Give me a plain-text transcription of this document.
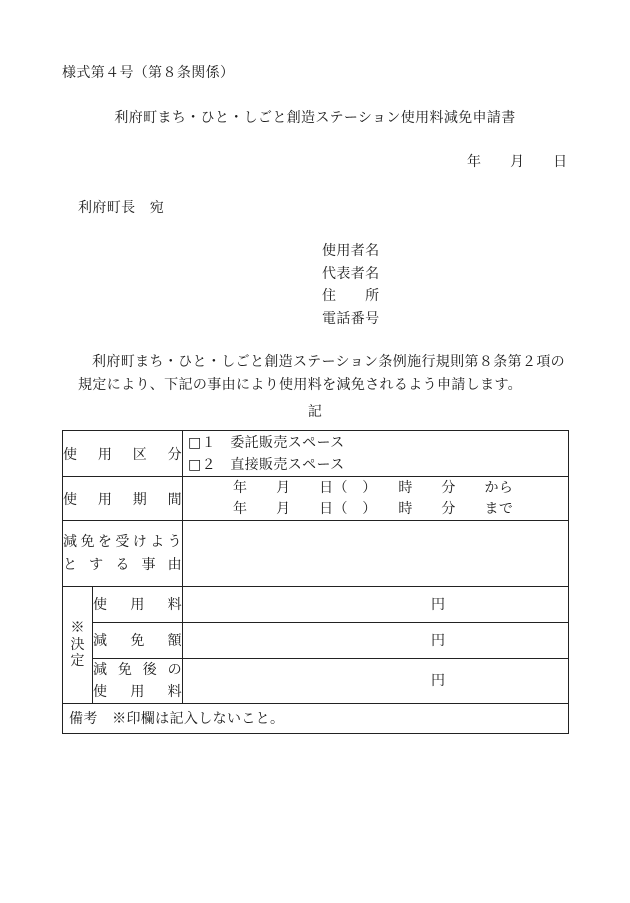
様式第４号（第８条関係）
利府町まち・ひと・しごと創造ステーション使用料減免申請書
年　　月　　日
利府町長　宛
使用者名
代表者名
住　　所
電話番号
利府町まち・ひと・しごと創造ステーション条例施行規則第８条第２項の
規定により、下記の事由により使用料を減免されるよう申請します。
記
使　用　区　分		□１　委託販売スペース
□２　直接販売スペース

使　用　期　間		年　　月　　日（　）　　時　　分　　から
年　　月　　日（　）　　時　　分　　まで

減免を受けよう
とする事由		

※決定	使　用　料	円

	減　免　額	円

	減免後の
使　用　料	円
備考　※印欄は記入しないこと。		
